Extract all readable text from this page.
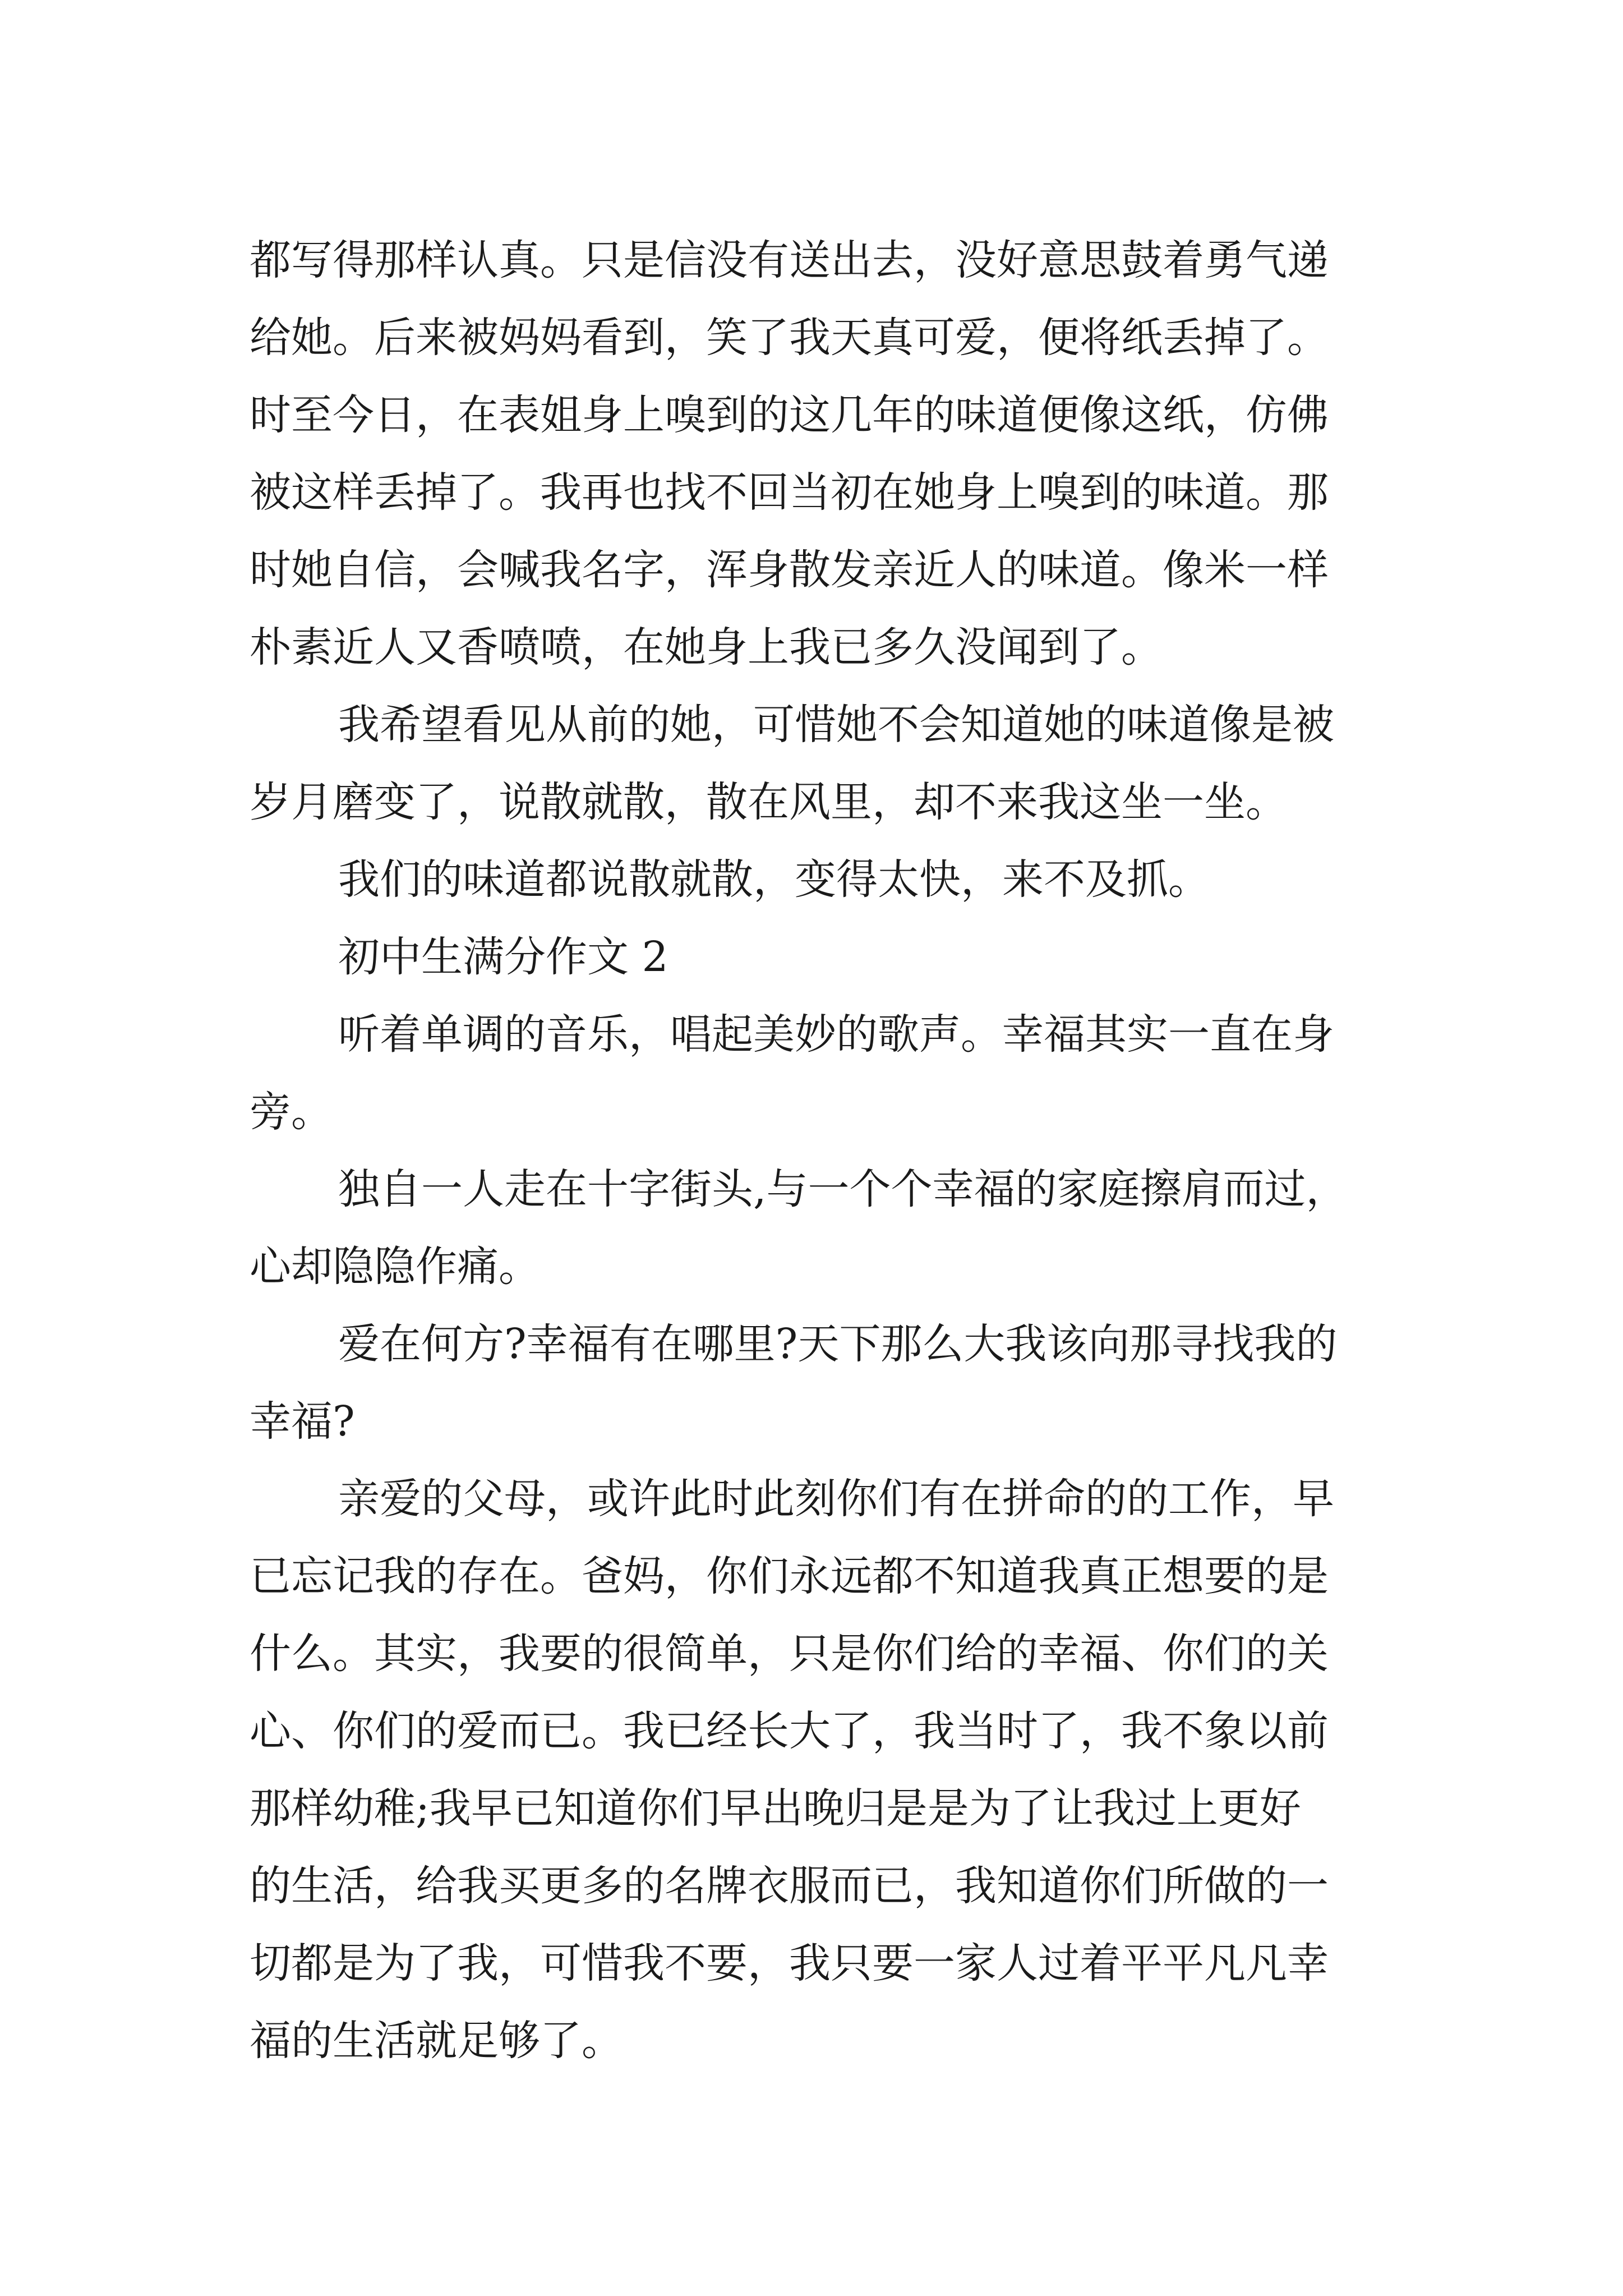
都写得那样认真。只是信没有送出去，没好意思鼓着勇气递
给她。后来被妈妈看到，笑了我天真可爱，便将纸丢掉了。
时至今日，在表姐身上嗅到的这几年的味道便像这纸，仿佛
被这样丢掉了。我再也找不回当初在她身上嗅到的味道。那
时她自信，会喊我名字，浑身散发亲近人的味道。像米一样
朴素近人又香喷喷，在她身上我已多久没闻到了。
我希望看见从前的她，可惜她不会知道她的味道像是被
岁月磨变了，说散就散，散在风里，却不来我这坐一坐。
我们的味道都说散就散，变得太快，来不及抓。
初中生满分作文 2
听着单调的音乐，唱起美妙的歌声。幸福其实一直在身
旁。
独自一人走在十字街头,与一个个幸福的家庭擦肩而过，
心却隐隐作痛。
爱在何方?幸福有在哪里?天下那么大我该向那寻找我的
幸福?
亲爱的父母，或许此时此刻你们有在拼命的的工作，早
已忘记我的存在。爸妈，你们永远都不知道我真正想要的是
什么。其实，我要的很简单，只是你们给的幸福、你们的关
心、你们的爱而已。我已经长大了，我当时了，我不象以前
那样幼稚;我早已知道你们早出晚归是是为了让我过上更好
的生活，给我买更多的名牌衣服而已，我知道你们所做的一
切都是为了我，可惜我不要，我只要一家人过着平平凡凡幸
福的生活就足够了。
